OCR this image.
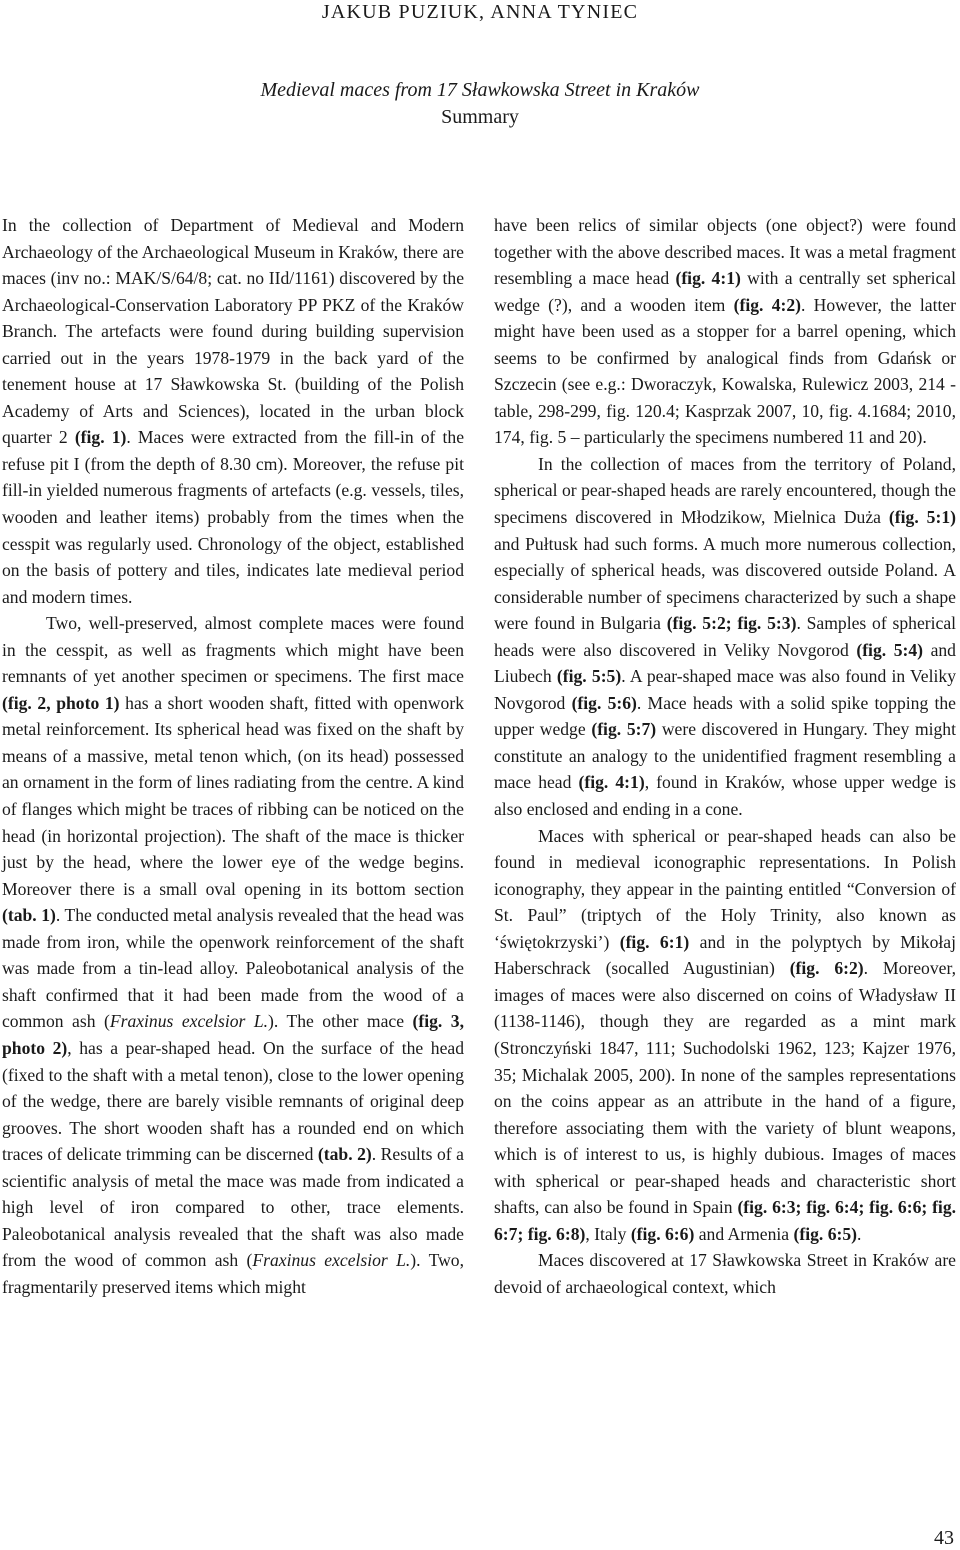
JAKUB PUZIUK, ANNA TYNIEC
Medieval maces from 17 Sławkowska Street in Kraków
Summary

In the collection of Department of Medieval and Modern Archaeology of the Archaeological Museum in Kraków, there are maces (inv no.: MAK/S/64/8; cat. no IId/1161) discovered by the Archaeological-Conservation Laboratory PP PKZ of the Kraków Branch. The artefacts were found during building supervision carried out in the years 1978-1979 in the back yard of the tenement house at 17 Sławkowska St. (building of the Polish Academy of Arts and Sciences), located in the urban block quarter 2 (fig. 1). Maces were extracted from the fill-in of the refuse pit I (from the depth of 8.30 cm). Moreover, the refuse pit fill-in yielded numerous fragments of artefacts (e.g. vessels, tiles, wooden and leather items) probably from the times when the cesspit was regularly used. Chronology of the object, established on the basis of pottery and tiles, indicates late medieval period and modern times.

Two, well-preserved, almost complete maces were found in the cesspit, as well as fragments which might have been remnants of yet another specimen or specimens. The first mace (fig. 2, photo 1) has a short wooden shaft, fitted with openwork metal reinforcement. Its spherical head was fixed on the shaft by means of a massive, metal tenon which, (on its head) possessed an ornament in the form of lines radiating from the centre. A kind of flanges which might be traces of ribbing can be noticed on the head (in horizontal projection). The shaft of the mace is thicker just by the head, where the lower eye of the wedge begins. Moreover there is a small oval opening in its bottom section (tab. 1). The conducted metal analysis revealed that the head was made from iron, while the openwork reinforcement of the shaft was made from a tin-lead alloy. Paleobotanical analysis of the shaft confirmed that it had been made from the wood of a common ash (Fraxinus excelsior L.). The other mace (fig. 3, photo 2), has a pear-shaped head. On the surface of the head (fixed to the shaft with a metal tenon), close to the lower opening of the wedge, there are barely visible remnants of original deep grooves. The short wooden shaft has a rounded end on which traces of delicate trimming can be discerned (tab. 2). Results of a scientific analysis of metal the mace was made from indicated a high level of iron compared to other, trace elements. Paleobotanical analysis revealed that the shaft was also made from the wood of common ash (Fraxinus excelsior L.). Two, fragmentarily preserved items which might

have been relics of similar objects (one object?) were found together with the above described maces. It was a metal fragment resembling a mace head (fig. 4:1) with a centrally set spherical wedge (?), and a wooden item (fig. 4:2). However, the latter might have been used as a stopper for a barrel opening, which seems to be confirmed by analogical finds from Gdańsk or Szczecin (see e.g.: Dworaczyk, Kowalska, Rulewicz 2003, 214 - table, 298-299, fig. 120.4; Kasprzak 2007, 10, fig. 4.1684; 2010, 174, fig. 5 – particularly the specimens numbered 11 and 20).

In the collection of maces from the territory of Poland, spherical or pear-shaped heads are rarely encountered, though the specimens discovered in Młodzikow, Mielnica Duża (fig. 5:1) and Pułtusk had such forms. A much more numerous collection, especially of spherical heads, was discovered outside Poland. A considerable number of specimens characterized by such a shape were found in Bulgaria (fig. 5:2; fig. 5:3). Samples of spherical heads were also discovered in Veliky Novgorod (fig. 5:4) and Liubech (fig. 5:5). A pear-shaped mace was also found in Veliky Novgorod (fig. 5:6). Mace heads with a solid spike topping the upper wedge (fig. 5:7) were discovered in Hungary. They might constitute an analogy to the unidentified fragment resembling a mace head (fig. 4:1), found in Kraków, whose upper wedge is also enclosed and ending in a cone.

Maces with spherical or pear-shaped heads can also be found in medieval iconographic representations. In Polish iconography, they appear in the painting entitled “Conversion of St. Paul” (triptych of the Holy Trinity, also known as ‘świętokrzyski’) (fig. 6:1) and in the polyptych by Mikołaj Haberschrack (socalled Augustinian) (fig. 6:2). Moreover, images of maces were also discerned on coins of Władysław II (1138-1146), though they are regarded as a mint mark (Stronczyński 1847, 111; Suchodolski 1962, 123; Kajzer 1976, 35; Michalak 2005, 200). In none of the samples representations on the coins appear as an attribute in the hand of a figure, therefore associating them with the variety of blunt weapons, which is of interest to us, is highly dubious. Images of maces with spherical or pear-shaped heads and characteristic short shafts, can also be found in Spain (fig. 6:3; fig. 6:4; fig. 6:6; fig. 6:7; fig. 6:8), Italy (fig. 6:6) and Armenia (fig. 6:5).

Maces discovered at 17 Sławkowska Street in Kraków are devoid of archaeological context, which

43
